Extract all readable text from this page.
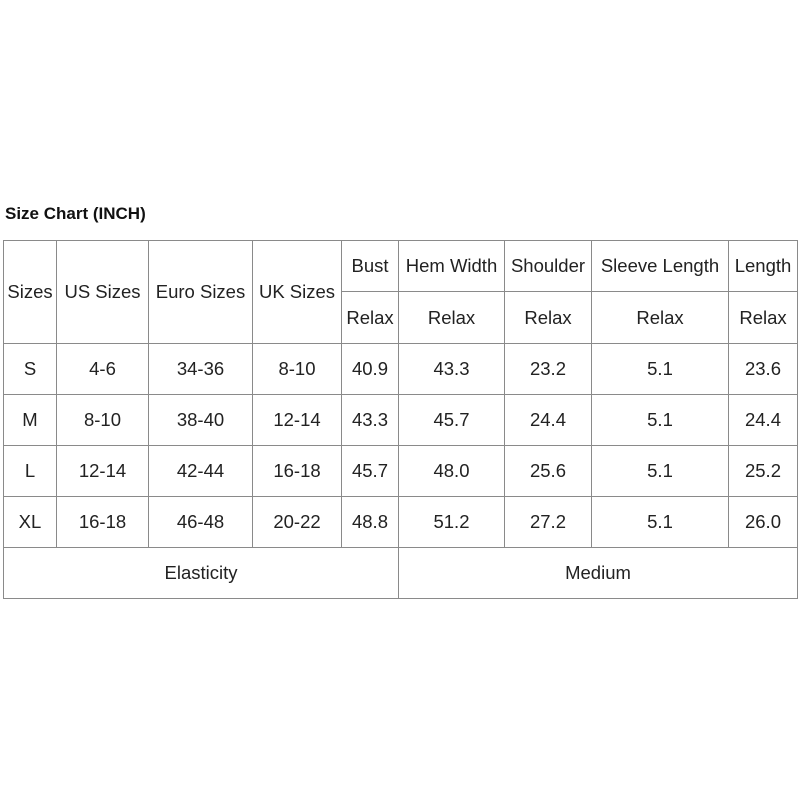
Size Chart (INCH)
Sizes	US Sizes	Euro Sizes	UK Sizes	Bust	Hem Width	Shoulder	Sleeve Length	Length
				Relax	Relax	Relax	Relax	Relax
S	4-6	34-36	8-10	40.9	43.3	23.2	5.1	23.6
M	8-10	38-40	12-14	43.3	45.7	24.4	5.1	24.4
L	12-14	42-44	16-18	45.7	48.0	25.6	5.1	25.2
XL	16-18	46-48	20-22	48.8	51.2	27.2	5.1	26.0
Elasticity					Medium			
